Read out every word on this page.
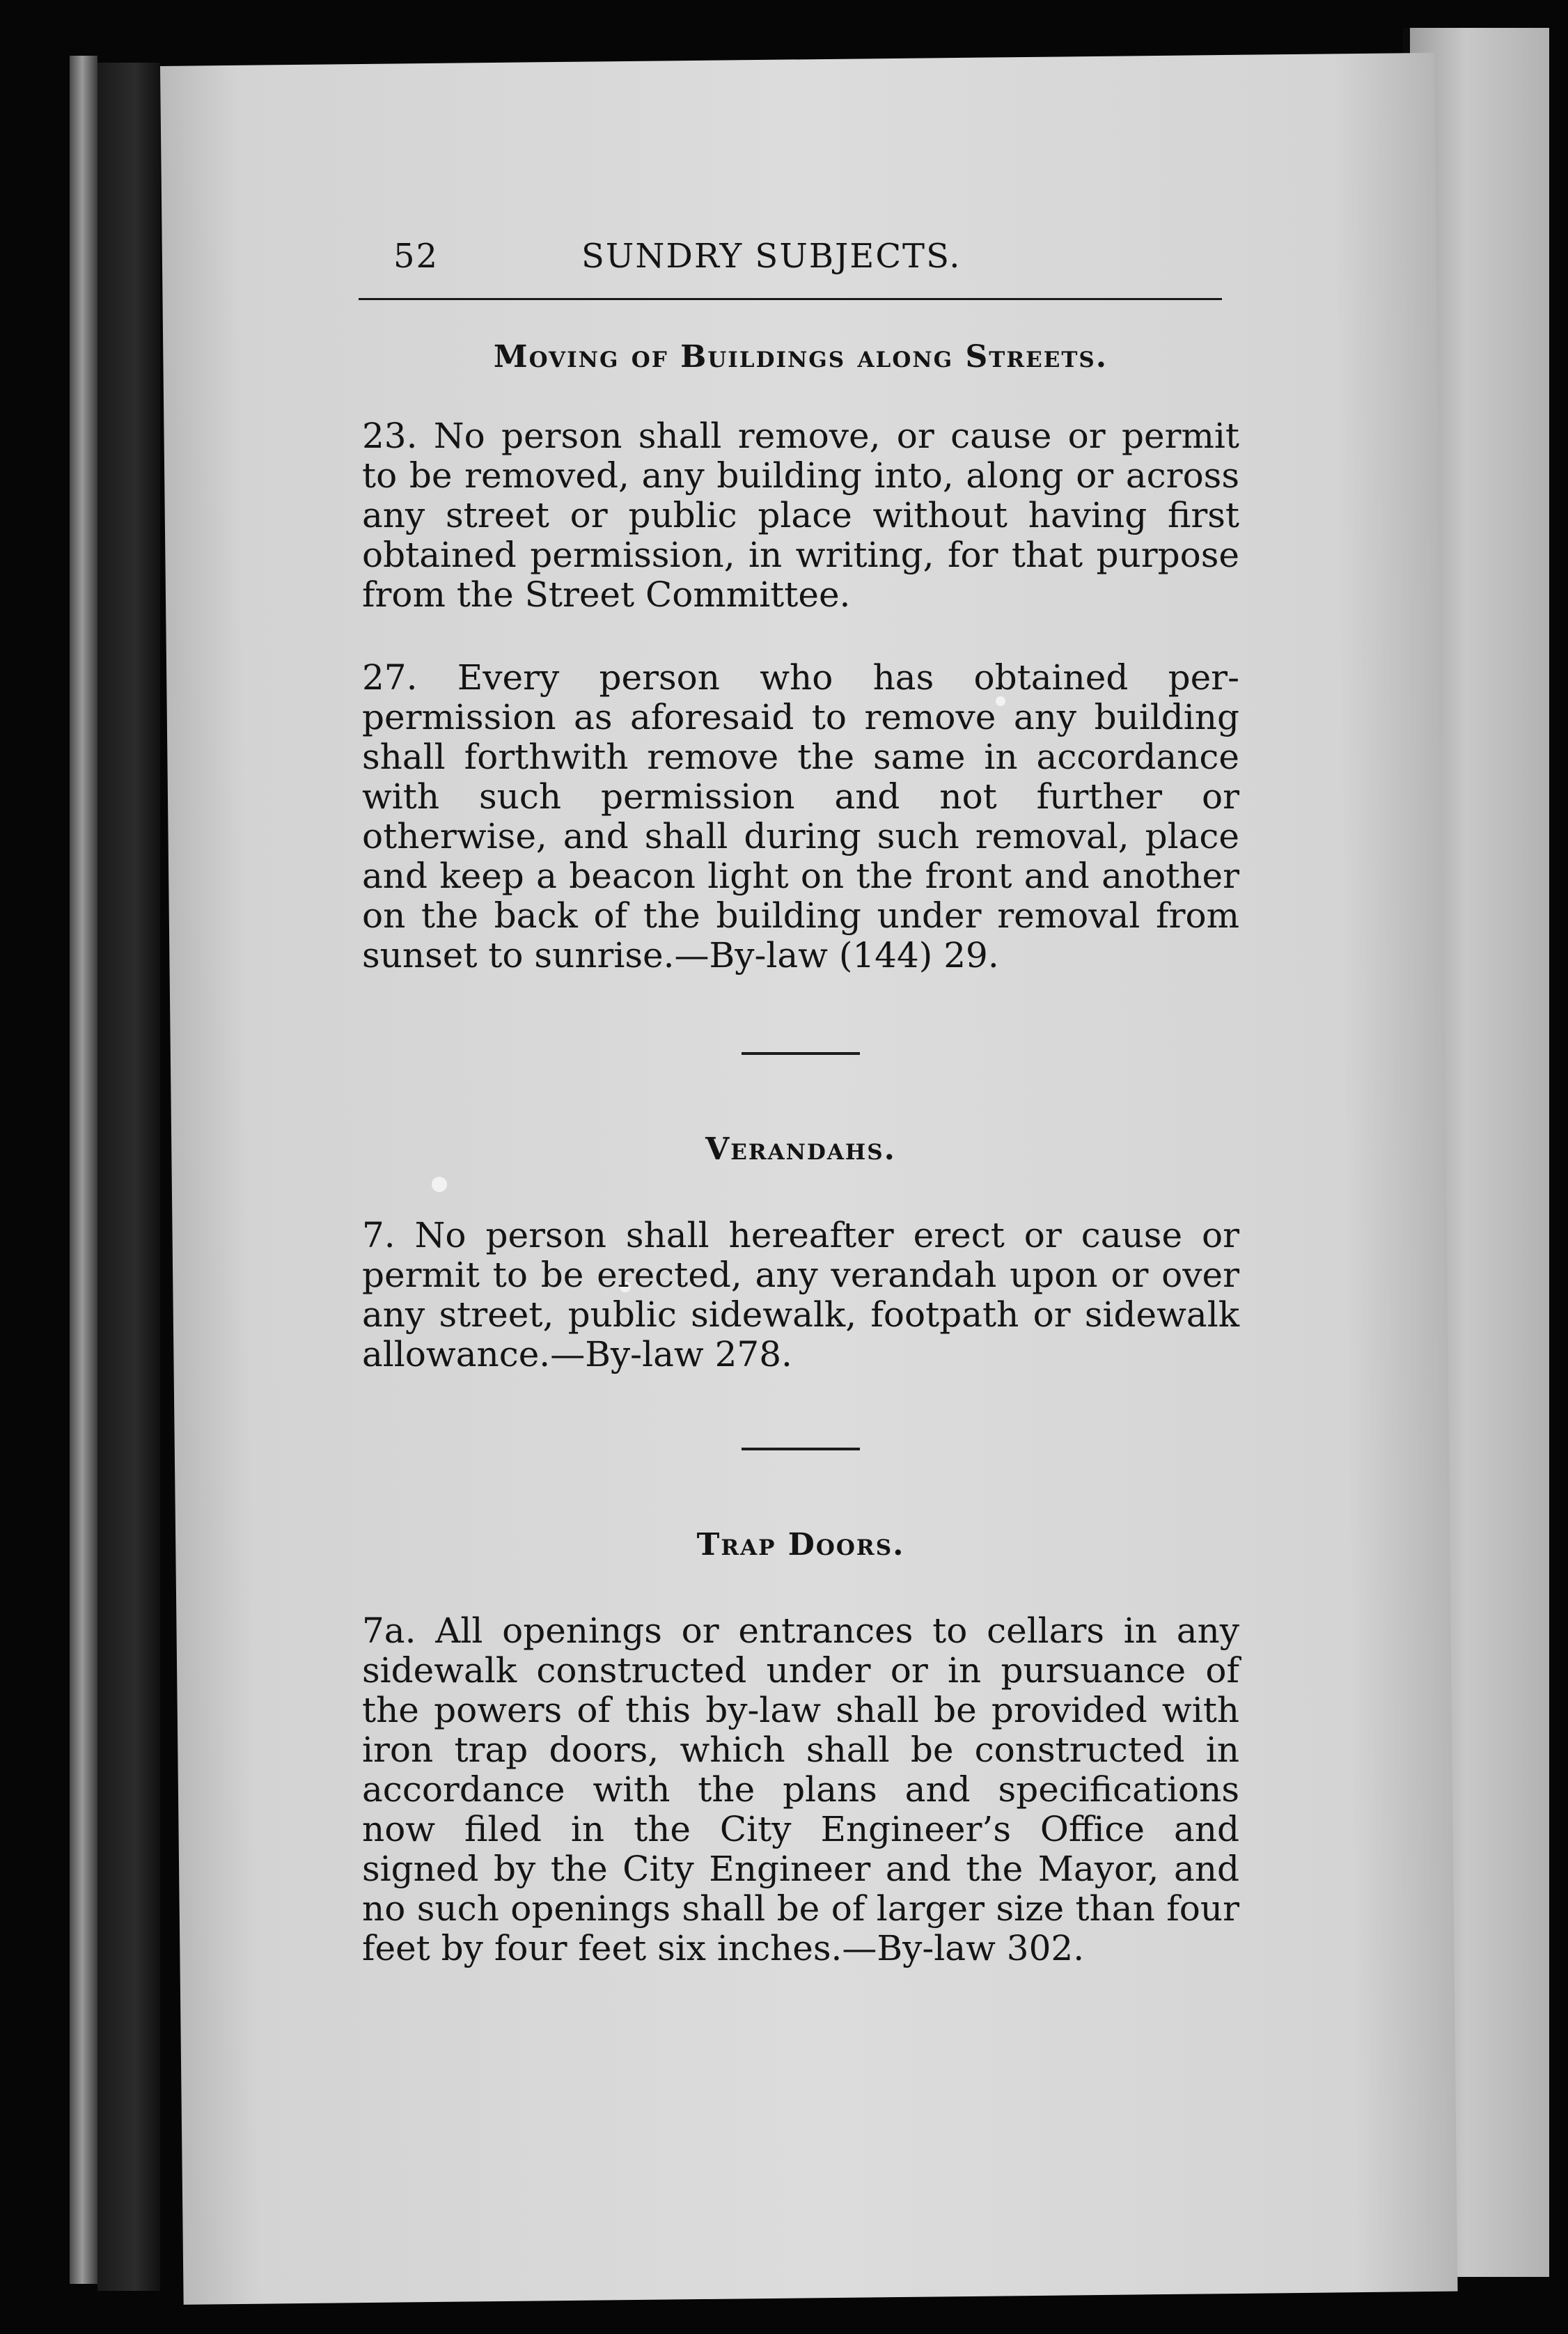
52	SUNDRY SUBJECTS.
Moving of Buildings along Streets.

23. No person shall remove, or cause or permit to be removed, any building into, along or across any street or public place without having first obtained permission, in writing, for that purpose from the Street Committee.

27. Every person who has obtained perpermission as aforesaid to remove any building shall forthwith remove the same in accordance with such permission and not further or otherwise, and shall during such removal, place and keep a beacon light on the front and another on the back of the building under removal from sunset to sunrise.—By-law (144) 29.

Verandahs.

7. No person shall hereafter erect or cause or permit to be erected, any verandah upon or over any street, public sidewalk, footpath or sidewalk allowance.—By-law 278.

Trap Doors.

7a. All openings or entrances to cellars in any sidewalk constructed under or in pursuance of the powers of this by-law shall be provided with iron trap doors, which shall be constructed in accordance with the plans and specifications now filed in the City Engineer’s Office and signed by the City Engineer and the Mayor, and no such openings shall be of larger size than four feet by four feet six inches.—By-law 302.
